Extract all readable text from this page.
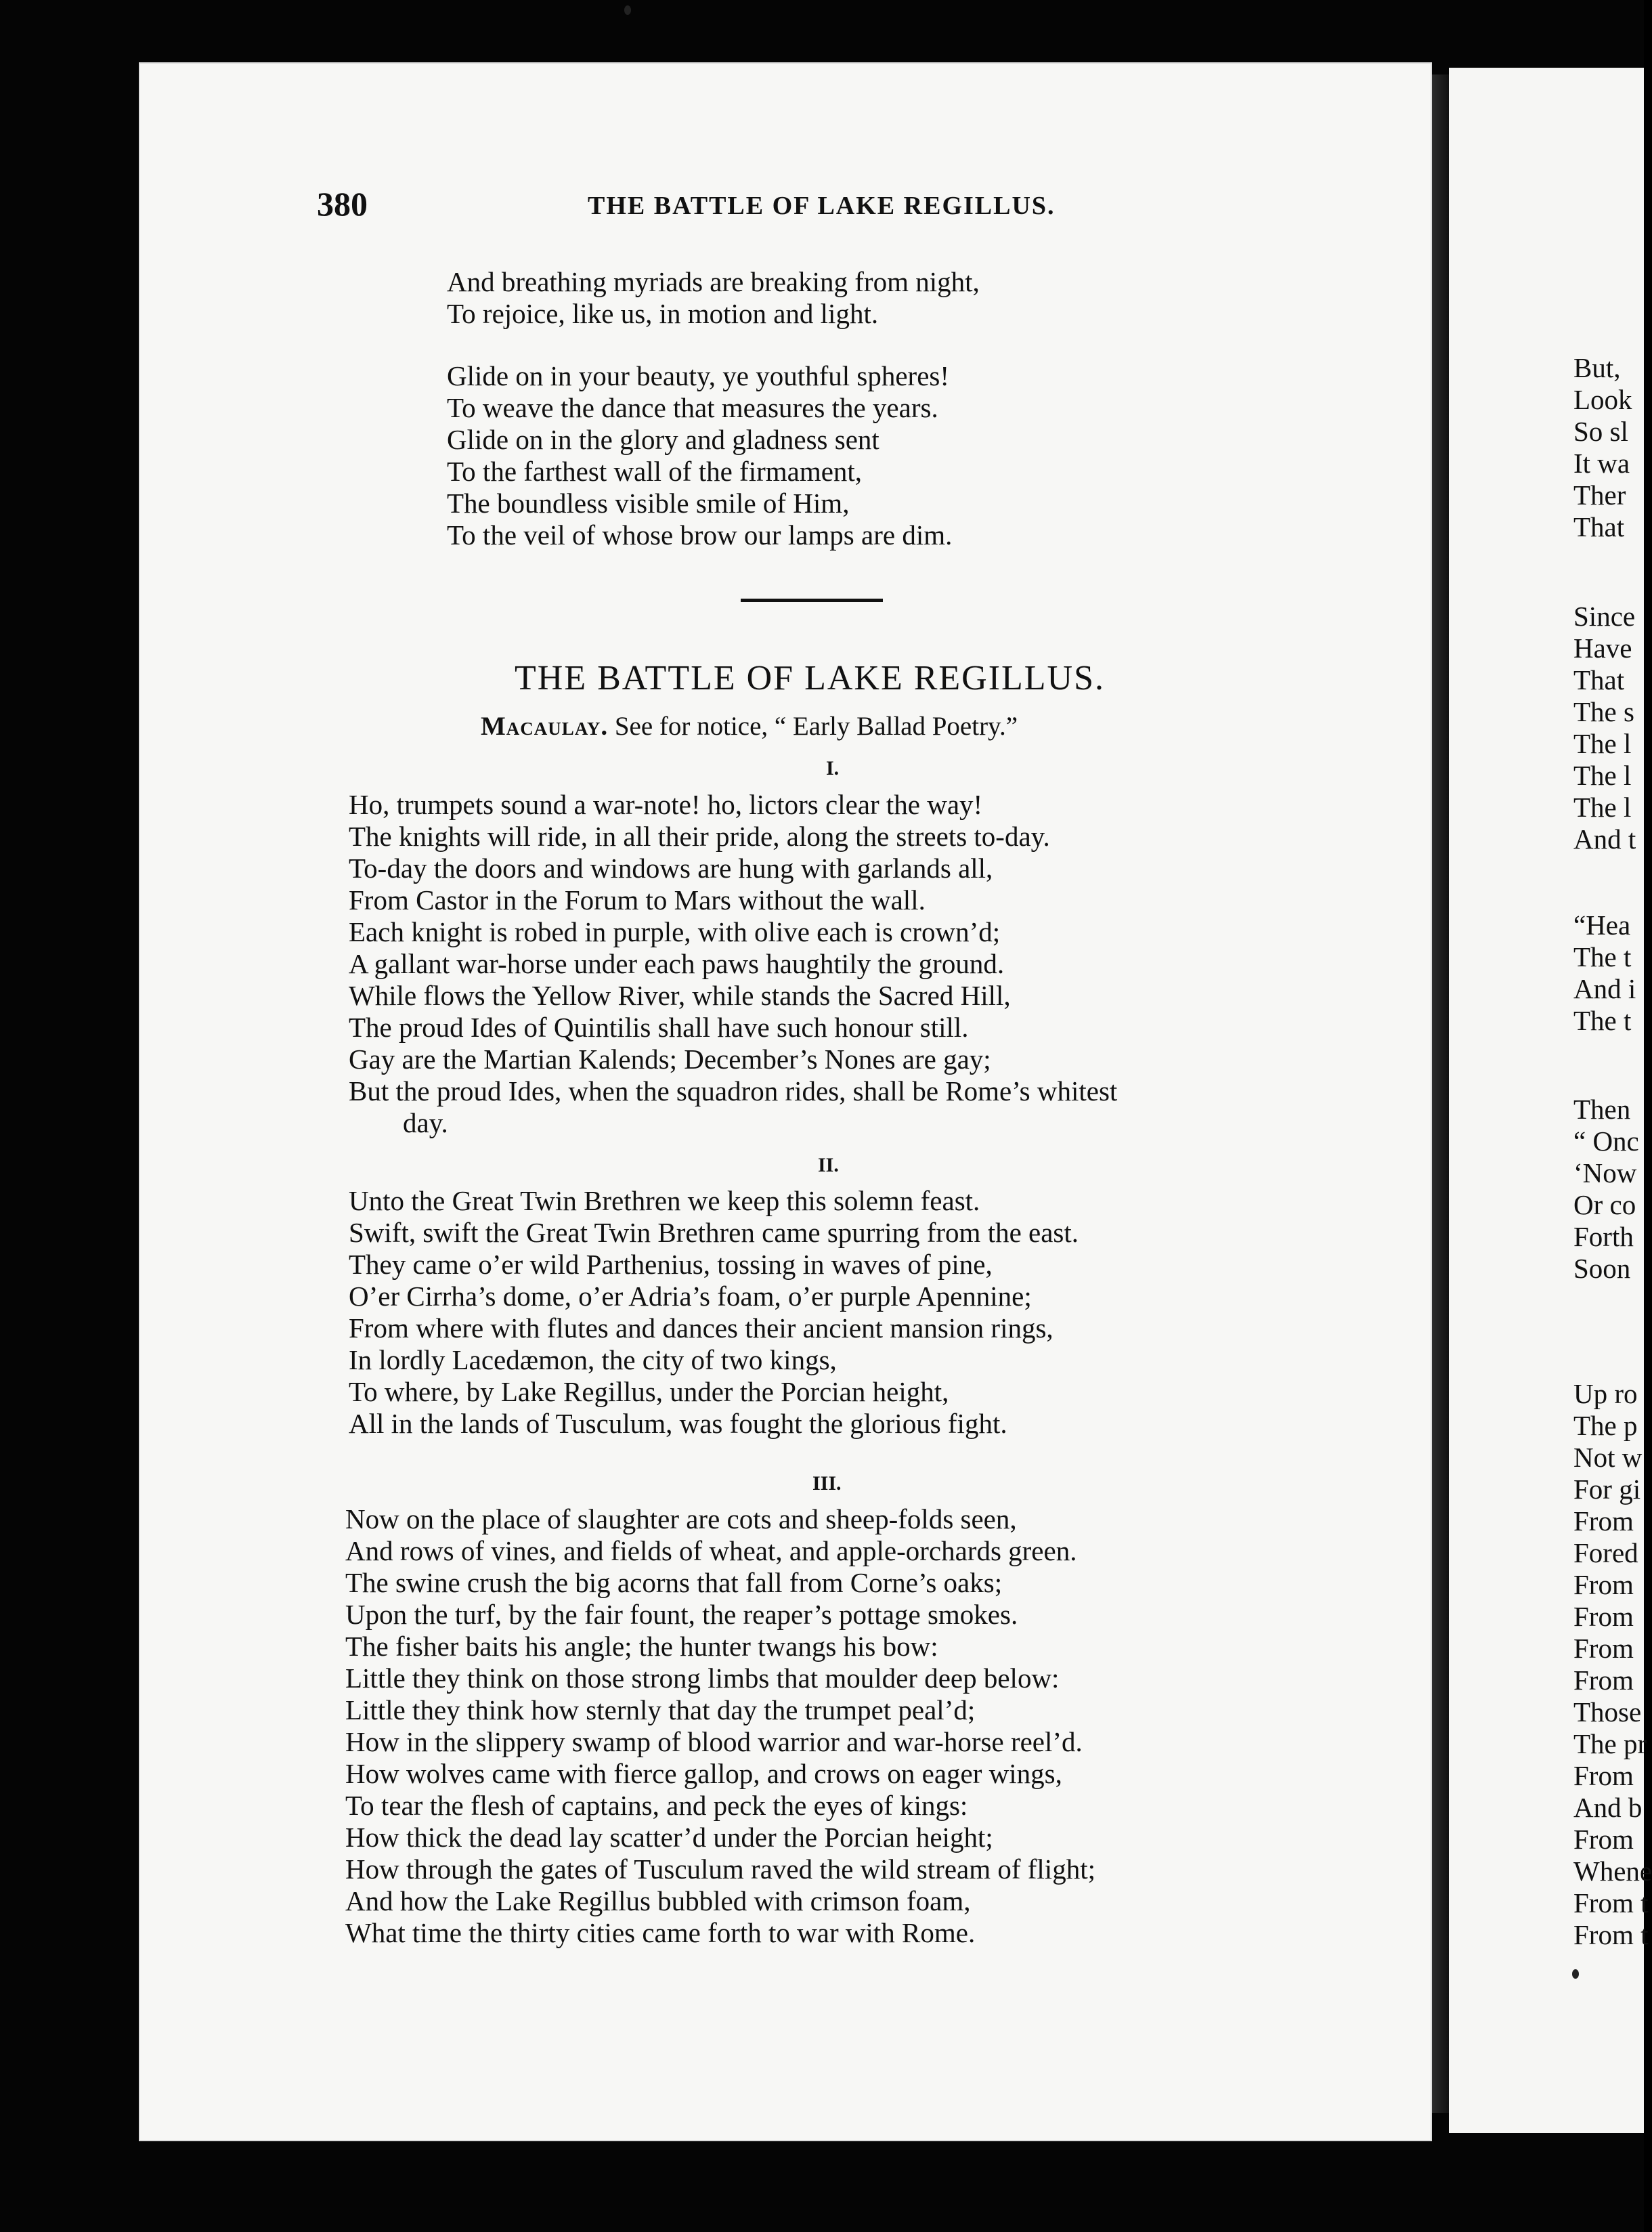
380	THE BATTLE OF LAKE REGILLUS.
And breathing myriads are breaking from night,
To rejoice, like us, in motion and light.
Glide on in your beauty, ye youthful spheres!
To weave the dance that measures the years.
Glide on in the glory and gladness sent
To the farthest wall of the firmament,
The boundless visible smile of Him,
To the veil of whose brow our lamps are dim.
THE BATTLE OF LAKE REGILLUS.
Macaulay. See for notice, “ Early Ballad Poetry.”
I.
Ho, trumpets sound a war-note! ho, lictors clear the way!
The knights will ride, in all their pride, along the streets to-day.
To-day the doors and windows are hung with garlands all,
From Castor in the Forum to Mars without the wall.
Each knight is robed in purple, with olive each is crown’d;
A gallant war-horse under each paws haughtily the ground.
While flows the Yellow River, while stands the Sacred Hill,
The proud Ides of Quintilis shall have such honour still.
Gay are the Martian Kalends; December’s Nones are gay;
But the proud Ides, when the squadron rides, shall be Rome’s whitest
day.
II.
Unto the Great Twin Brethren we keep this solemn feast.
Swift, swift the Great Twin Brethren came spurring from the east.
They came o’er wild Parthenius, tossing in waves of pine,
O’er Cirrha’s dome, o’er Adria’s foam, o’er purple Apennine;
From where with flutes and dances their ancient mansion rings,
In lordly Lacedæmon, the city of two kings,
To where, by Lake Regillus, under the Porcian height,
All in the lands of Tusculum, was fought the glorious fight.
III.
Now on the place of slaughter are cots and sheep-folds seen,
And rows of vines, and fields of wheat, and apple-orchards green.
The swine crush the big acorns that fall from Corne’s oaks;
Upon the turf, by the fair fount, the reaper’s pottage smokes.
The fisher baits his angle; the hunter twangs his bow:
Little they think on those strong limbs that moulder deep below:
Little they think how sternly that day the trumpet peal’d;
How in the slippery swamp of blood warrior and war-horse reel’d.
How wolves came with fierce gallop, and crows on eager wings,
To tear the flesh of captains, and peck the eyes of kings:
How thick the dead lay scatter’d under the Porcian height;
How through the gates of Tusculum raved the wild stream of flight;
And how the Lake Regillus bubbled with crimson foam,
What time the thirty cities came forth to war with Rome.
But,
Look
So sl
It wa
Ther
That
Since
Have
That
The s
The l
The l
The l
And t
“Hea
The t
And i
The t
Then
“ Onc
‘Now
Or co
Forth
Soon
Up ro
The p
Not w
For gi
From
Fored
From
From
From
From
Those
The pr
From
And b
From
Whene
From t
From t
